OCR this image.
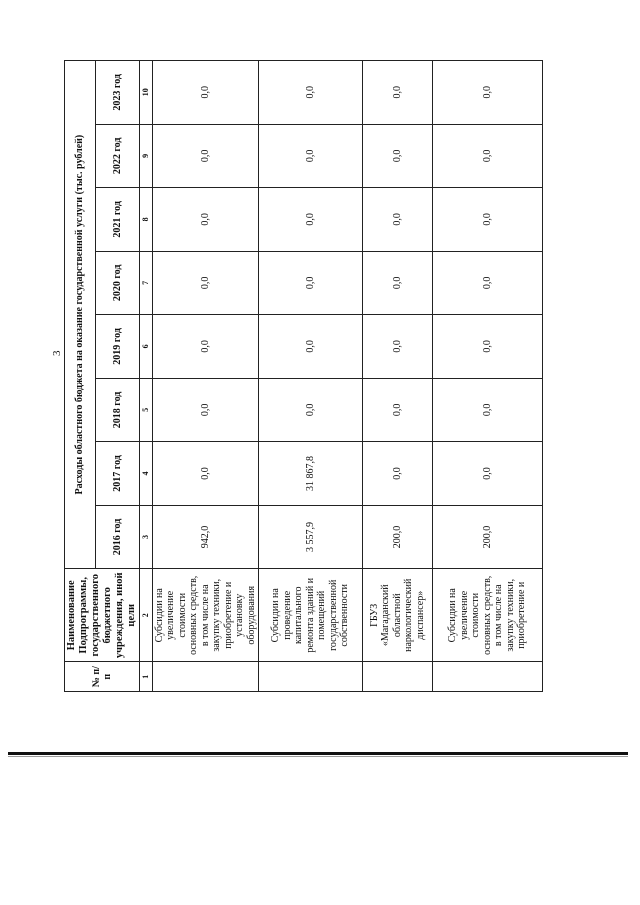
3
№ п/п	Наименование Подпрограммы, государственного бюджетного учреждения, иной цели	Расходы областного бюджета на оказание государственной услуги (тыс. рублей)							
		2016 год	2017 год	2018 год	2019 год	2020 год	2021 год	2022 год	2023 год
1	2	3	4	5	6	7	8	9	10
	Субсидии на увеличение стоимости основных средств, в том числе на закупку техники, приобретение и установку оборудования	942,0	0,0	0,0	0,0	0,0	0,0	0,0	0,0
	Субсидии на проведение капитального ремонта зданий и помещений государственной собственности	3 557,9	31 867,8	0,0	0,0	0,0	0,0	0,0	0,0
	ГБУЗ «Магаданский областной наркологический диспансер»	200,0	0,0	0,0	0,0	0,0	0,0	0,0	0,0
	Субсидии на увеличение стоимости основных средств, в том числе на закупку техники, приобретение и	200,0	0,0	0,0	0,0	0,0	0,0	0,0	0,0
